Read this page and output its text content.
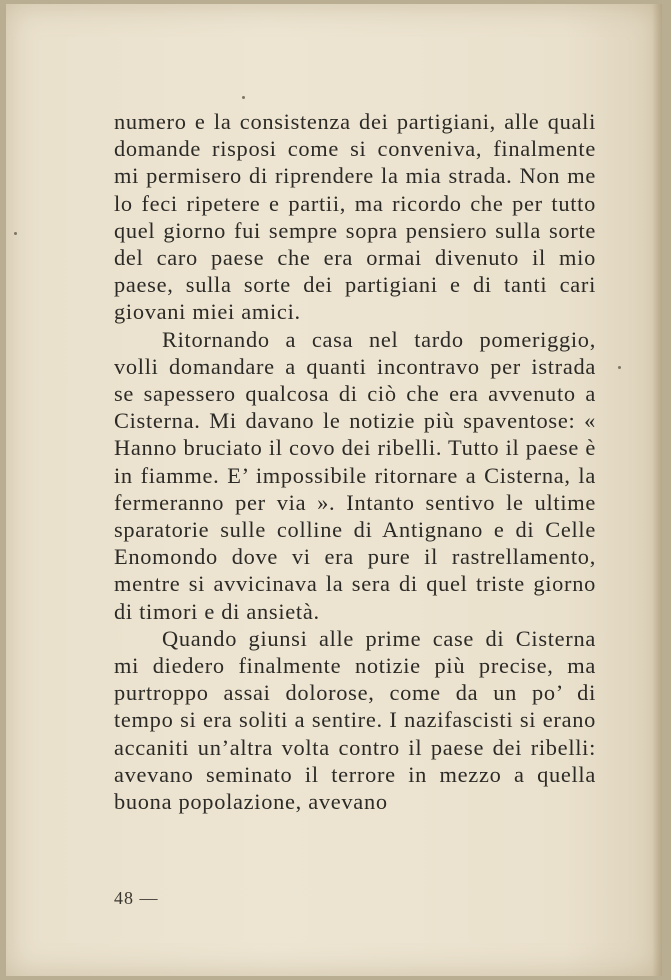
numero e la consistenza dei partigiani, alle quali domande risposi come si conveniva, finalmente mi permisero di riprendere la mia strada. Non me lo feci ripetere e partii, ma ricordo che per tutto quel giorno fui sempre sopra pensiero sulla sorte del caro paese che era ormai divenuto il mio paese, sulla sorte dei partigiani e di tanti cari giovani miei amici.

Ritornando a casa nel tardo pomeriggio, volli domandare a quanti incontravo per istrada se sapessero qualcosa di ciò che era avvenuto a Cisterna. Mi davano le notizie più spaventose: « Hanno bruciato il covo dei ribelli. Tutto il paese è in fiamme. E’ impossibile ritornare a Cisterna, la fermeranno per via ». Intanto sentivo le ultime sparatorie sulle colline di Antignano e di Celle Enomondo dove vi era pure il rastrellamento, mentre si avvicinava la sera di quel triste giorno di timori e di ansietà.

Quando giunsi alle prime case di Cisterna mi diedero finalmente notizie più precise, ma purtroppo assai dolorose, come da un po’ di tempo si era soliti a sentire. I nazifascisti si erano accaniti un’altra volta contro il paese dei ribelli: avevano seminato il terrore in mezzo a quella buona popolazione, avevano

48 —
